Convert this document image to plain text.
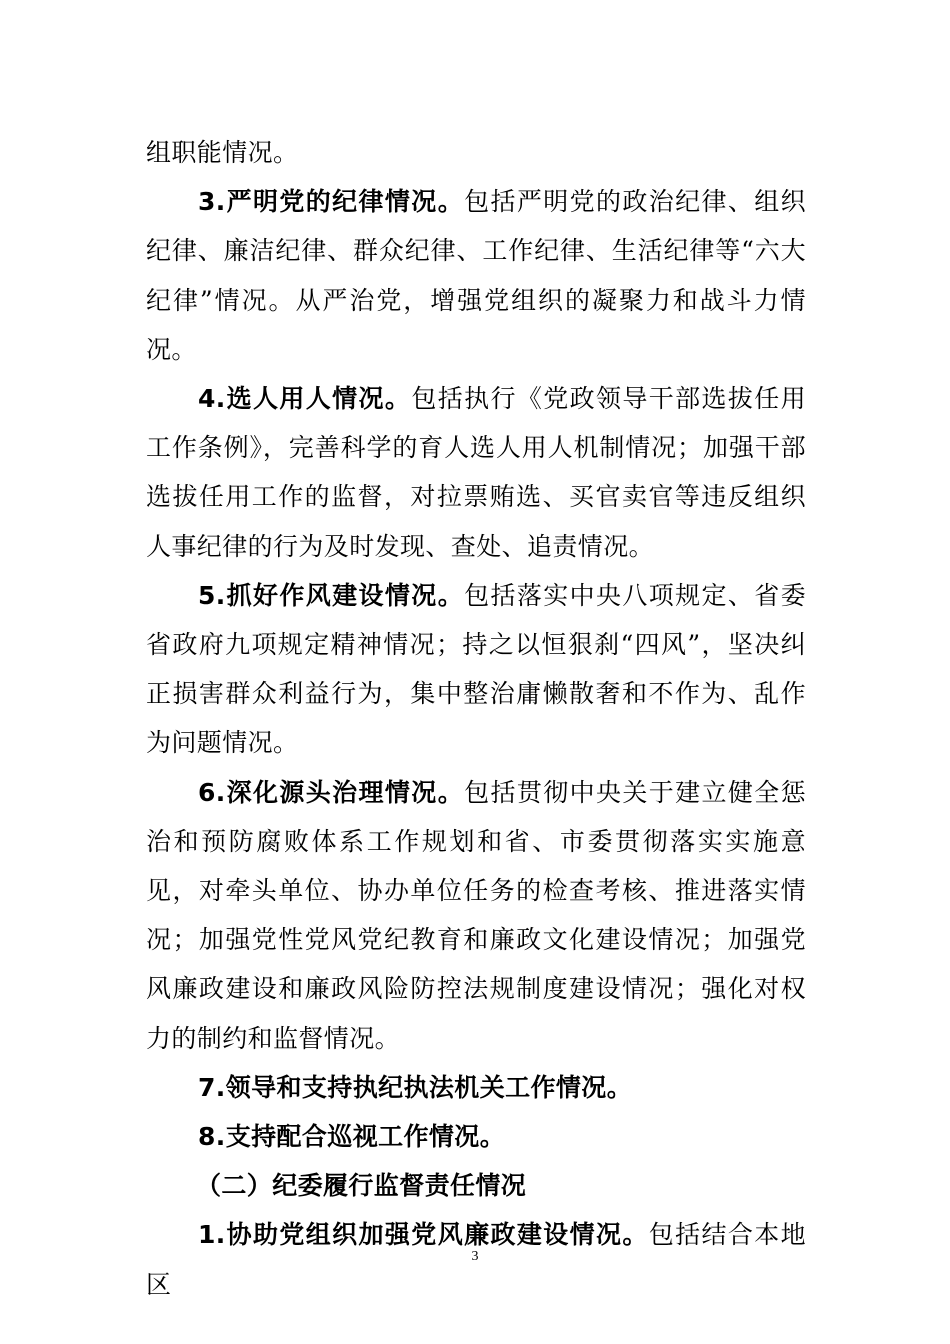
组职能情况。

3.严明党的纪律情况。包括严明党的政治纪律、组织纪律、廉洁纪律、群众纪律、工作纪律、生活纪律等“六大纪律”情况。从严治党，增强党组织的凝聚力和战斗力情况。

4.选人用人情况。包括执行《党政领导干部选拔任用工作条例》，完善科学的育人选人用人机制情况；加强干部选拔任用工作的监督，对拉票贿选、买官卖官等违反组织人事纪律的行为及时发现、查处、追责情况。

5.抓好作风建设情况。包括落实中央八项规定、省委省政府九项规定精神情况；持之以恒狠刹“四风”，坚决纠正损害群众利益行为，集中整治庸懒散奢和不作为、乱作为问题情况。

6.深化源头治理情况。包括贯彻中央关于建立健全惩治和预防腐败体系工作规划和省、市委贯彻落实实施意见，对牵头单位、协办单位任务的检查考核、推进落实情况；加强党性党风党纪教育和廉政文化建设情况；加强党风廉政建设和廉政风险防控法规制度建设情况；强化对权力的制约和监督情况。

7.领导和支持执纪执法机关工作情况。

8.支持配合巡视工作情况。

（二）纪委履行监督责任情况

1.协助党组织加强党风廉政建设情况。包括结合本地区

3
